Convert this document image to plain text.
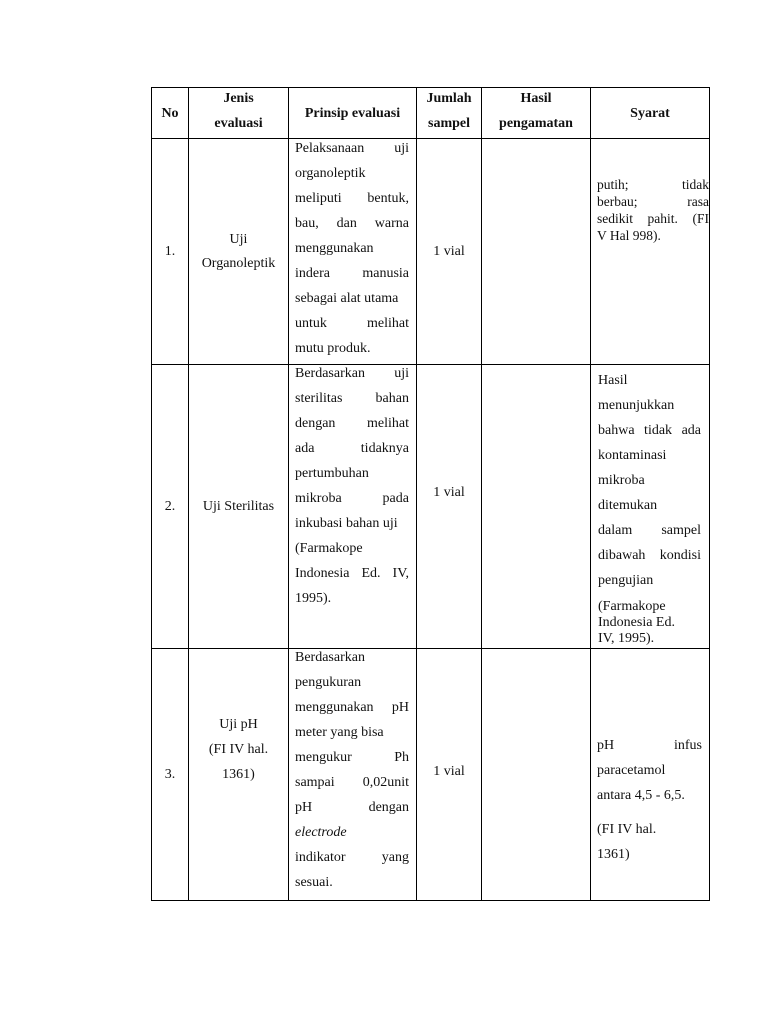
No
Jenis
evaluasi
Prinsip evaluasi
Jumlah
sampel
Hasil
pengamatan
Syarat
1.
Uji
Organoleptik
Pelaksanaan uji
organoleptik
meliputi bentuk,
bau, dan warna
menggunakan
indera manusia
sebagai alat utama
untuk melihat
mutu produk.
1 vial
putih; tidak
berbau; rasa
sedikit pahit. (FI
V Hal 998).
2. Uji Sterilitas
Berdasarkan uji
sterilitas bahan
dengan melihat
ada tidaknya
pertumbuhan
mikroba pada
inkubasi bahan uji
(Farmakope
Indonesia Ed. IV,
1995).
1 vial
Hasil
menunjukkan
bahwa tidak ada
kontaminasi
mikroba
ditemukan
dalam sampel
dibawah kondisi
pengujian
(Farmakope
Indonesia Ed.
IV, 1995).
3.
Uji pH
(FI IV hal.
1361)
Berdasarkan
pengukuran
menggunakan pH
meter yang bisa
mengukur Ph
sampai 0,02unit
pH dengan
electrode
indikator yang
sesuai.
1 vial
pH infus
paracetamol
antara 4,5 - 6,5.
(FI IV hal.
1361)
